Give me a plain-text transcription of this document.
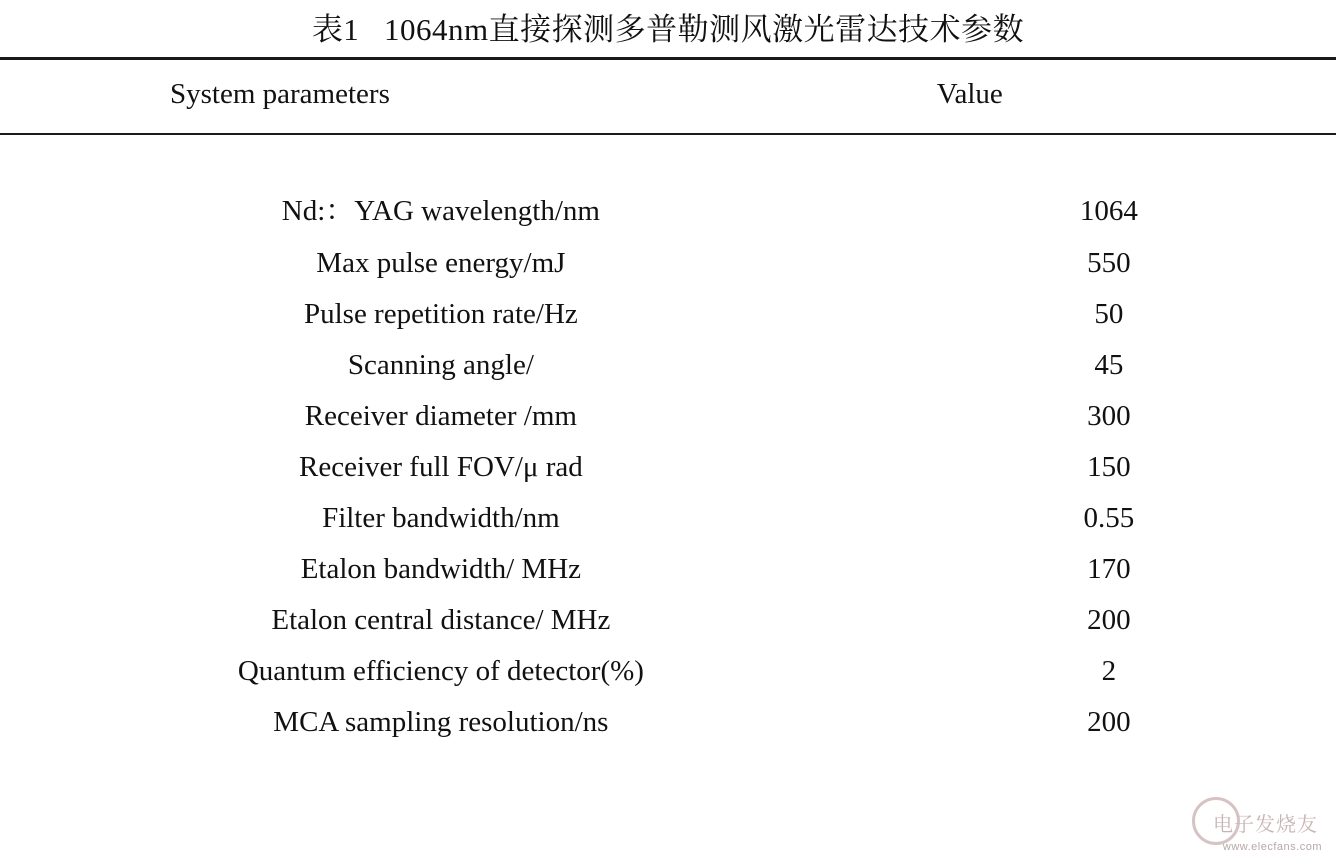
表1   1064nm直接探测多普勒测风激光雷达技术参数
System parameters	Value

Nd:：YAG wavelength/nm	1064
Max pulse energy/mJ	550
Pulse repetition rate/Hz	50
Scanning angle/	45
Receiver diameter /mm	300
Receiver full FOV/μ rad	150
Filter bandwidth/nm	0.55
Etalon bandwidth/ MHz	170
Etalon central distance/ MHz	200
Quantum efficiency of detector(%)	2
MCA sampling resolution/ns	200
电子发烧友
www.elecfans.com
